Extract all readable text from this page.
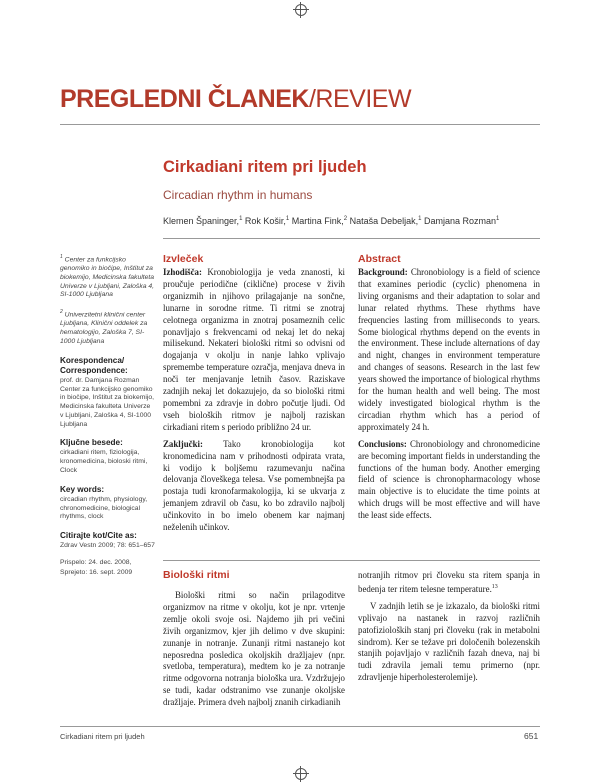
PREGLEDNI ČLANEK/REVIEW
Cirkadiani ritem pri ljudeh
Circadian rhythm in humans
Klemen Španinger,$^1$ Rok Košir,$^1$ Martina Fink,$^2$ Nataša Debeljak,$^1$ Damjana Rozman$^1$
$^1$ Center za funkcijsko genomiko in biočipe, Inštitut za biokemijo, Medicinska fakulteta Univerze v Ljubljani, Zaloška 4, SI-1000 Ljubljana
$^2$ Univerzitetni klinični center Ljubljana, Klinični oddelek za hematologijo, Zaloška 7, SI-1000 Ljubljana
Korespondenca/ Correspondence:
prof. dr. Damjana Rozman Center za funkcijsko genomiko in biočipe, Inštitut za biokemijo, Medicinska fakulteta Univerze v Ljubljani, Zaloška 4, SI-1000 Ljubljana
Ključne besede:
cirkadiani ritem, fiziologija, kronomedicina, bioloski ritmi, Clock
Key words:
circadian rhythm, physiology, chronomedicine, biological rhythms, clock
Citirajte kot/Cite as:
Zdrav Vestn 2009; 78: 651–657
Prispelo: 24. dec. 2008,
Sprejeto: 16. sept. 2009
Izvleček

Izhodišča: Kronobiologija je veda znanosti, ki proučuje periodične (ciklične) procese v živih organizmih in njihovo prilagajanje na sončne, lunarne in sorodne ritme. Ti ritmi se znotraj celotnega organizma in znotraj posameznih celic ponavljajo s frekvencami od nekaj let do nekaj milisekund. Nekateri biološki ritmi so odvisni od dogajanja v okolju in nanje lahko vplivajo spremembe temperature ozračja, menjava dneva in noči ter menjavanje letnih časov. Raziskave zadnjih nekaj let dokazujejo, da so biološki ritmi pomembni za zdravje in dobro počutje ljudi. Od vseh bioloških ritmov je najbolj raziskan cirkadiani ritem s periodo približno 24 ur.

Zaključki: Tako kronobiologija kot kronomedicina nam v prihodnosti odpirata vrata, ki vodijo k boljšemu razumevanju načina delovanja človeškega telesa. Vse pomembnejša pa postaja tudi kronofarmakologija, ki se ukvarja z jemanjem zdravil ob času, ko bo zdravilo najbolj učinkovito in bo imelo obenem kar najmanj neželenih učinkov.

Abstract

Background: Chronobiology is a field of science that examines periodic (cyclic) phenomena in living organisms and their adaptation to solar and lunar related rhythms. These rhythms have frequencies lasting from milliseconds to years. Some biological rhythms depend on the events in the environment. These include alternations of day and night, changes in environment temperature and changes of seasons. Research in the last few years showed the importance of biological rhythms for the human health and well being. The most widely investigated biological rhythm is the circadian rhythm which has a period of approximately 24 h.

Conclusions: Chronobiology and chronomedicine are becoming important fields in understanding the functions of the human body. Another emerging field of science is chronopharmacology whose main objective is to elucidate the time points at which drugs will be most effective and will have the least side effects.

Biološki ritmi

Biološki ritmi so način prilagoditve organizmov na ritme v okolju, kot je npr. vrtenje zemlje okoli svoje osi. Najdemo jih pri večini živih organizmov, kjer jih delimo v dve skupini: zunanje in notranje. Zunanji ritmi nastanejo kot neposredna posledica okoljskih dražljajev (npr. svetloba, temperatura), medtem ko je za notranje ritme odgovorna notranja biološka ura. Vzdržujejo se tudi, kadar odstranimo vse zunanje okoljske dražljaje. Primera dveh najbolj znanih cirkadianih

notranjih ritmov pri človeku sta ritem spanja in bedenja ter ritem telesne temperature.$^{13}$

V zadnjih letih se je izkazalo, da biološki ritmi vplivajo na nastanek in razvoj različnih patofizioloških stanj pri človeku (rak in metabolni sindrom). Ker se težave pri določenih bolezenskih stanjih pojavljajo v različnih fazah dneva, naj bi tudi zdravila jemali temu primerno (npr. zdravljenje hiperholesterolemije).

Cirkadiani ritem pri ljudeh	651
